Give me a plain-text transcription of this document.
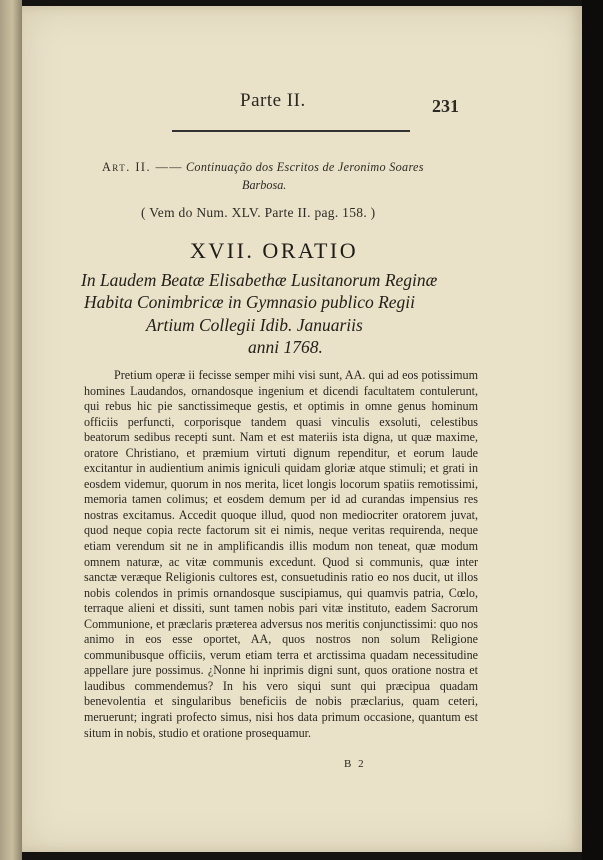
Parte II.	231
Art. II. —— Continuação dos Escritos de Jeronimo Soares
Barbosa.
( Vem do Num. XLV. Parte II. pag. 158. )
XVII. ORATIO
In Laudem Beatæ Elisabethæ Lusitanorum Reginæ
Habita Conimbricæ in Gymnasio publico Regii
Artium Collegii Idib. Januariis
anni 1768.
Pretium operæ ii fecisse semper mihi visi sunt, AA. qui ad eos potissimum homines Laudandos, ornandosque ingenium et dicendi facultatem contulerunt, qui rebus hic pie sanctissimeque gestis, et optimis in omne genus hominum officiis perfuncti, corporisque tandem quasi vinculis exsoluti, celestibus beatorum sedibus recepti sunt. Nam et est materiis ista digna, ut quæ maxime, oratore Christiano, et præmium virtuti dignum rependitur, et eorum laude excitantur in audientium animis igniculi quidam gloriæ atque stimuli; et grati in eosdem videmur, quorum in nos merita, licet longis locorum spatiis remotissimi, memoria tamen colimus; et eosdem demum per id ad curandas impensius res nostras excitamus. Accedit quoque illud, quod non mediocriter oratorem juvat, quod neque copia recte factorum sit ei nimis, neque veritas requirenda, neque etiam verendum sit ne in amplificandis illis modum non teneat, quæ modum omnem naturæ, ac vitæ communis excedunt. Quod si communis, quæ inter sanctæ veræque Religionis cultores est, consuetudinis ratio eo nos ducit, ut illos nobis colendos in primis ornandosque suscipiamus, qui quamvis patria, Cœlo, terraque alieni et dissiti, sunt tamen nobis pari vitæ instituto, eadem Sacrorum Communione, et præclaris præterea adversus nos meritis conjunctissimi: quo nos animo in eos esse oportet, AA, quos nostros non solum Religione communibusque officiis, verum etiam terra et arctissima quadam necessitudine appellare jure possimus. ¿Nonne hi inprimis digni sunt, quos oratione nostra et laudibus commendemus? In his vero siqui sunt qui præcipua quadam benevolentia et singularibus beneficiis de nobis præclarius, quam ceteri, meruerunt; ingrati profecto simus, nisi hos data primum occasione, quantum est situm in nobis, studio et oratione prosequamur.
B 2
